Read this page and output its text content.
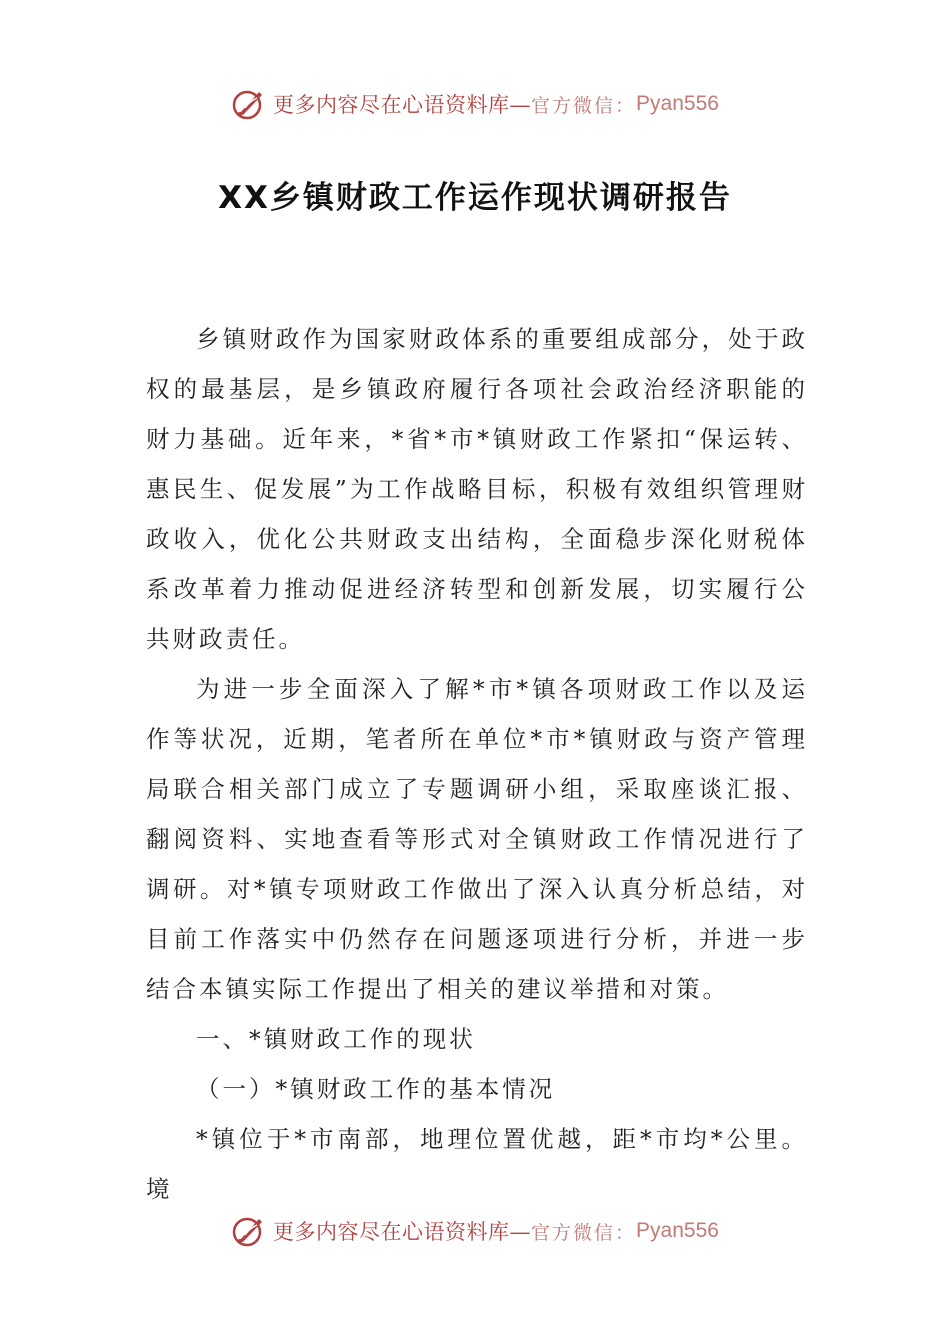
更多内容尽在心语资料库— 官方微信： Pyan556
XX乡镇财政工作运作现状调研报告

乡镇财政作为国家财政体系的重要组成部分，处于政权的最基层，是乡镇政府履行各项社会政治经济职能的财力基础。近年来，*省*市*镇财政工作紧扣“保运转、惠民生、促发展”为工作战略目标，积极有效组织管理财政收入，优化公共财政支出结构，全面稳步深化财税体系改革着力推动促进经济转型和创新发展，切实履行公共财政责任。

为进一步全面深入了解*市*镇各项财政工作以及运作等状况，近期，笔者所在单位*市*镇财政与资产管理局联合相关部门成立了专题调研小组，采取座谈汇报、翻阅资料、实地查看等形式对全镇财政工作情况进行了调研。对*镇专项财政工作做出了深入认真分析总结，对目前工作落实中仍然存在问题逐项进行分析，并进一步结合本镇实际工作提出了相关的建议举措和对策。

一、*镇财政工作的现状

（一）*镇财政工作的基本情况

*镇位于*市南部，地理位置优越，距*市均*公里。境

更多内容尽在心语资料库— 官方微信： Pyan556
